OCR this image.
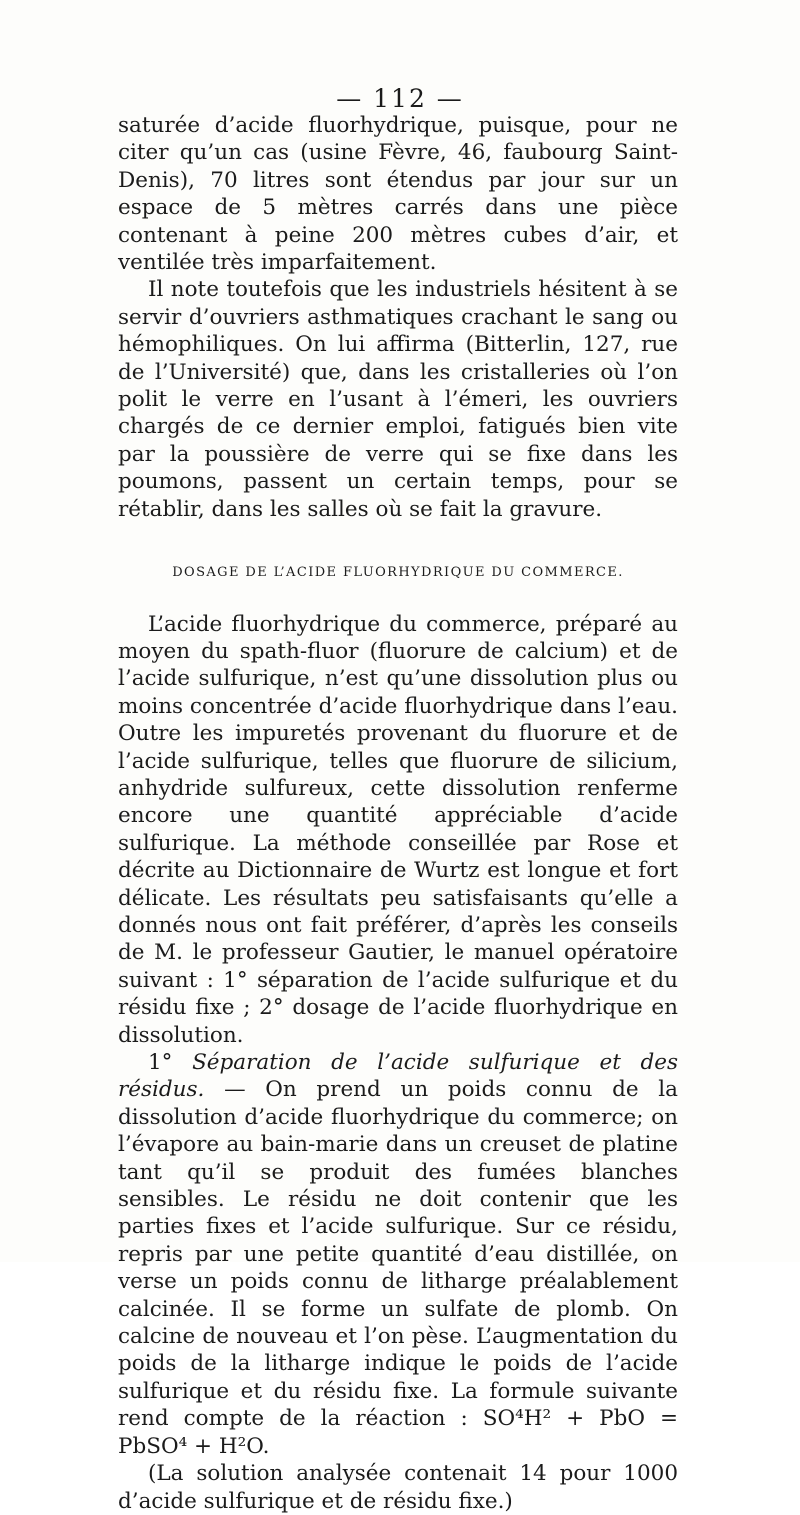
— 112 —

saturée d’acide fluorhydrique, puisque, pour ne citer qu’un cas (usine Fèvre, 46, faubourg Saint-Denis), 70 litres sont étendus par jour sur un espace de 5 mètres carrés dans une pièce contenant à peine 200 mètres cubes d’air, et ventilée très imparfaitement.

Il note toutefois que les industriels hésitent à se servir d’ouvriers asthmatiques crachant le sang ou hémophiliques. On lui affirma (Bitterlin, 127, rue de l’Université) que, dans les cristalleries où l’on polit le verre en l’usant à l’émeri, les ouvriers chargés de ce dernier emploi, fatigués bien vite par la poussière de verre qui se fixe dans les poumons, passent un certain temps, pour se rétablir, dans les salles où se fait la gravure.

DOSAGE DE L’ACIDE FLUORHYDRIQUE DU COMMERCE.

L’acide fluorhydrique du commerce, préparé au moyen du spath-fluor (fluorure de calcium) et de l’acide sulfurique, n’est qu’une dissolution plus ou moins concentrée d’acide fluorhydrique dans l’eau. Outre les impuretés provenant du fluorure et de l’acide sulfurique, telles que fluorure de silicium, anhydride sulfureux, cette dissolution renferme encore une quantité appréciable d’acide sulfurique. La méthode conseillée par Rose et décrite au Dictionnaire de Wurtz est longue et fort délicate. Les résultats peu satisfaisants qu’elle a donnés nous ont fait préférer, d’après les conseils de M. le professeur Gautier, le manuel opératoire suivant : 1° séparation de l’acide sulfurique et du résidu fixe ; 2° dosage de l’acide fluorhydrique en dissolution.

1° Séparation de l’acide sulfurique et des résidus. — On prend un poids connu de la dissolution d’acide fluorhydrique du commerce; on l’évapore au bain-marie dans un creuset de platine tant qu’il se produit des fumées blanches sensibles. Le résidu ne doit contenir que les parties fixes et l’acide sulfurique. Sur ce résidu, repris par une petite quantité d’eau distillée, on verse un poids connu de litharge préalablement calcinée. Il se forme un sulfate de plomb. On calcine de nouveau et l’on pèse. L’augmentation du poids de la litharge indique le poids de l’acide sulfurique et du résidu fixe. La formule suivante rend compte de la réaction : SO⁴H² + PbO = PbSO⁴ + H²O.

(La solution analysée contenait 14 pour 1000 d’acide sulfurique et de résidu fixe.)
